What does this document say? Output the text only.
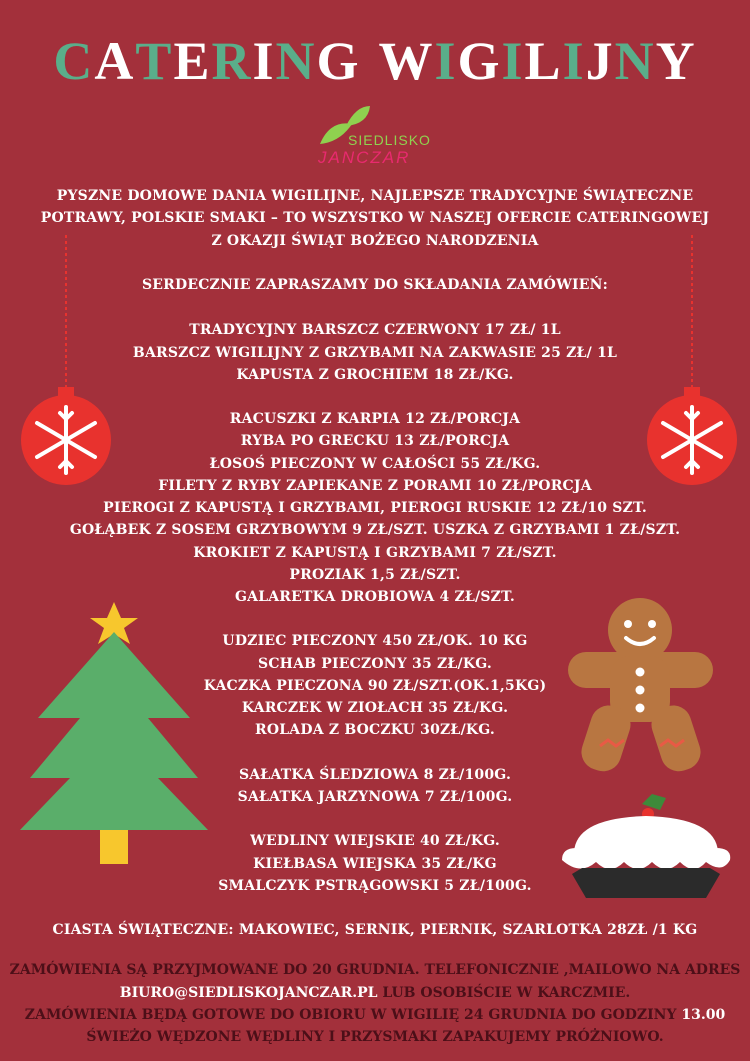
CATERING WIGILIJNY
SIEDLISKO
JANCZAR
PYSZNE DOMOWE DANIA WIGILIJNE, NAJLEPSZE TRADYCYJNE ŚWIĄTECZNE
POTRAWY, POLSKIE SMAKI – TO WSZYSTKO W NASZEJ OFERCIE CATERINGOWEJ
Z OKAZJI ŚWIĄT BOŻEGO NARODZENIA
SERDECZNIE ZAPRASZAMY DO SKŁADANIA ZAMÓWIEŃ:
TRADYCYJNY BARSZCZ CZERWONY 17 ZŁ/ 1L
BARSZCZ WIGILIJNY Z GRZYBAMI NA ZAKWASIE 25 ZŁ/ 1L
KAPUSTA Z GROCHIEM 18 ZŁ/KG.
RACUSZKI Z KARPIA 12 ZŁ/PORCJA
RYBA PO GRECKU 13 ZŁ/PORCJA
ŁOSOŚ PIECZONY W CAŁOŚCI 55 ZŁ/KG.
FILETY Z RYBY ZAPIEKANE Z PORAMI 10 ZŁ/PORCJA
PIEROGI Z KAPUSTĄ I GRZYBAMI, PIEROGI RUSKIE 12 ZŁ/10 SZT.
GOŁĄBEK Z SOSEM GRZYBOWYM 9 ZŁ/SZT. USZKA Z GRZYBAMI 1 ZŁ/SZT.
KROKIET Z KAPUSTĄ I GRZYBAMI 7 ZŁ/SZT.
PROZIAK 1,5 ZŁ/SZT.
GALARETKA DROBIOWA 4 ZŁ/SZT.
UDZIEC PIECZONY 450 ZŁ/OK. 10 KG
SCHAB PIECZONY 35 ZŁ/KG.
KACZKA PIECZONA 90 ZŁ/SZT.(OK.1,5KG)
KARCZEK W ZIOŁACH 35 ZŁ/KG.
ROLADA Z BOCZKU 30ZŁ/KG.
SAŁATKA ŚLEDZIOWA 8 ZŁ/100G.
SAŁATKA JARZYNOWA 7 ZŁ/100G.
WEDLINY WIEJSKIE 40 ZŁ/KG.
KIEŁBASA WIEJSKA 35 ZŁ/KG
SMALCZYK PSTRĄGOWSKI 5 ZŁ/100G.
CIASTA ŚWIĄTECZNE: MAKOWIEC, SERNIK, PIERNIK, SZARLOTKA 28ZŁ /1 KG
ZAMÓWIENIA SĄ PRZYJMOWANE DO 20 GRUDNIA. TELEFONICZNIE ,MAILOWO NA ADRES
BIURO@SIEDLISKOJANCZAR.PL LUB OSOBIŚCIE W KARCZMIE.
ZAMÓWIENIA BĘDĄ GOTOWE DO OBIORU W WIGILIĘ 24 GRUDNIA DO GODZINY 13.00
ŚWIEŻO WĘDZONE WĘDLINY I PRZYSMAKI ZAPAKUJEMY PRÓŻNIOWO.
